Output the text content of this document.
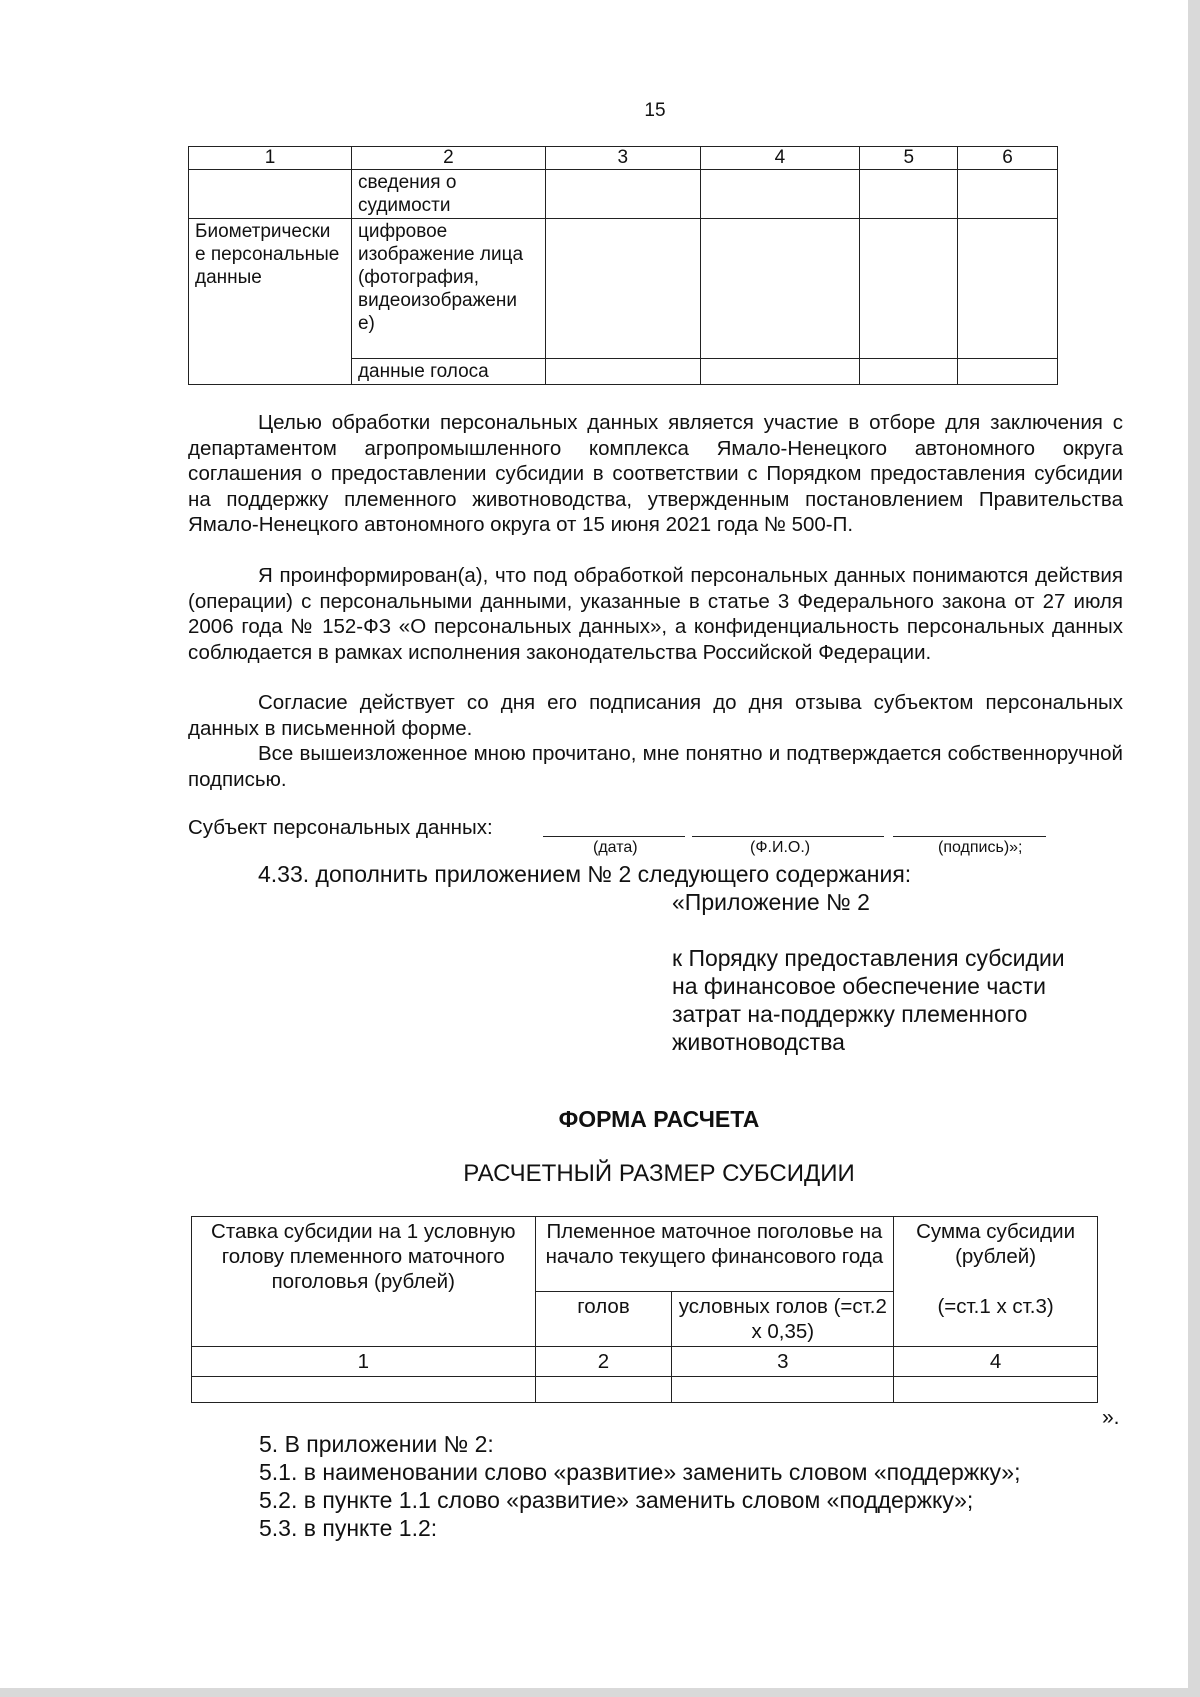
15
1	2	3	4	5	6
	сведения о судимости				
Биометрически е персональные данные	цифровое изображение лица (фотография, видеоизображени е)				
	данные голоса				
Целью обработки персональных данных является участие в отборе для заключения с департаментом агропромышленного комплекса Ямало-Ненецкого автономного округа соглашения о предоставлении субсидии в соответствии с Порядком предоставления субсидии на поддержку племенного животноводства, утвержденным постановлением Правительства Ямало-Ненецкого автономного округа от 15 июня 2021 года № 500-П.
Я проинформирован(а), что под обработкой персональных данных понимаются действия (операции) с персональными данными, указанные в статье 3 Федерального закона от 27 июля 2006 года № 152-ФЗ «О персональных данных», а конфиденциальность персональных данных соблюдается в рамках исполнения законодательства Российской Федерации.
Согласие действует со дня его подписания до дня отзыва субъектом персональных данных в письменной форме.
Все вышеизложенное мною прочитано, мне понятно и подтверждается собственноручной подписью.
Субъект персональных данных:
(дата)	(Ф.И.О.)	(подпись)»;
4.33. дополнить приложением № 2 следующего содержания:
«Приложение № 2
к Порядку предоставления субсидии
на финансовое обеспечение части
затрат на-поддержку племенного
животноводства
ФОРМА РАСЧЕТА
РАСЧЕТНЫЙ РАЗМЕР СУБСИДИИ
Ставка субсидии на 1 условную голову племенного маточного поголовья (рублей)	Племенное маточное поголовье на начало текущего финансового года		Сумма субсидии (рублей)
	голов	условных голов (=ст.2 x 0,35)	(=ст.1 x ст.3)
1	2	3	4

».
5. В приложении № 2:
5.1. в наименовании слово «развитие» заменить словом «поддержку»;
5.2. в пункте 1.1 слово «развитие» заменить словом «поддержку»;
5.3. в пункте 1.2:
